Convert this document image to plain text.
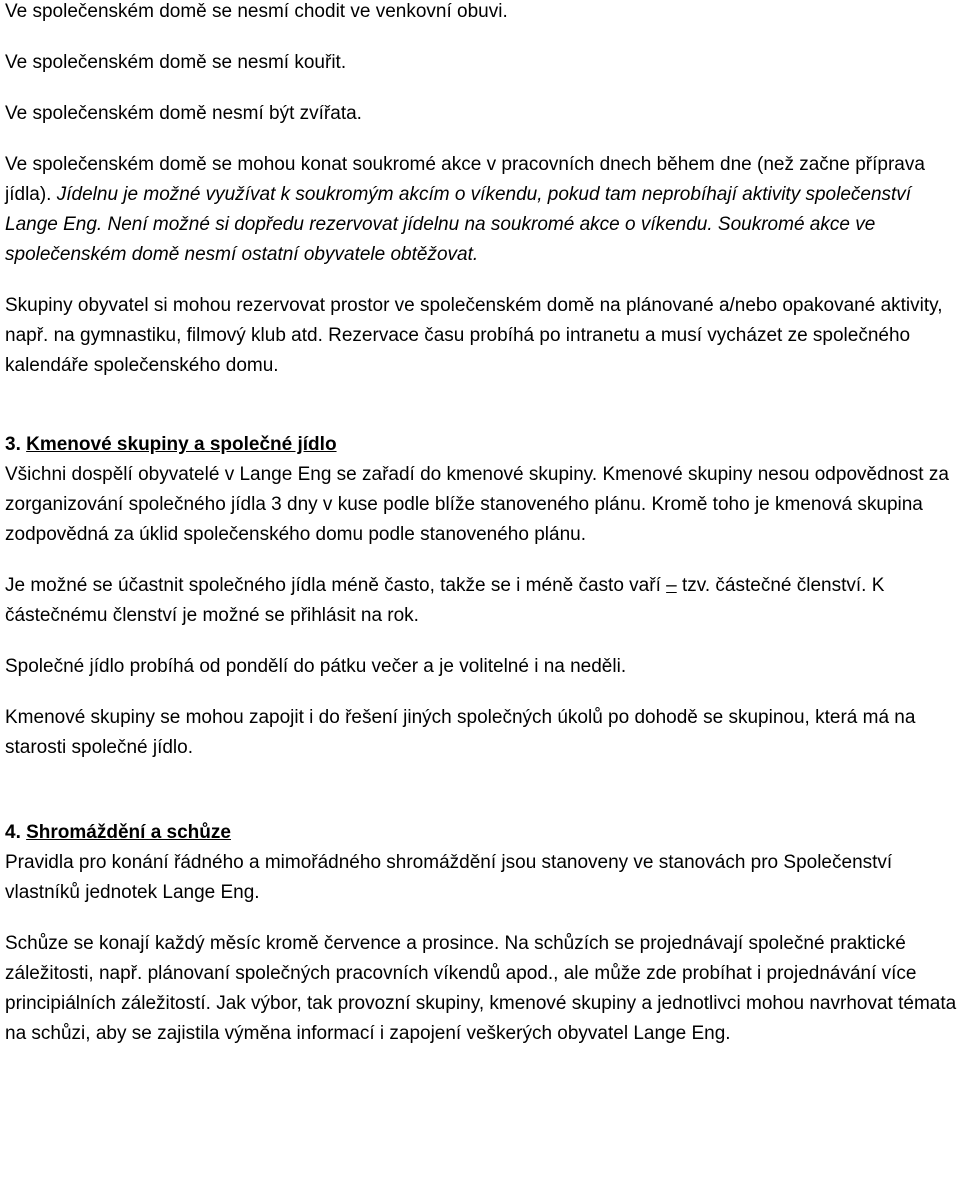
Ve společenském domě se nesmí chodit ve venkovní obuvi.

Ve společenském domě se nesmí kouřit.

Ve společenském domě nesmí být zvířata.

Ve společenském domě se mohou konat soukromé akce v pracovních dnech během dne (než začne příprava jídla). Jídelnu je možné využívat k soukromým akcím o víkendu, pokud tam neprobíhají aktivity společenství Lange Eng. Není možné si dopředu rezervovat jídelnu na soukromé akce o víkendu. Soukromé akce ve společenském domě nesmí ostatní obyvatele obtěžovat.

Skupiny obyvatel si mohou rezervovat prostor ve společenském domě na plánované a/nebo opakované aktivity, např. na gymnastiku, filmový klub atd. Rezervace času probíhá po intranetu a musí vycházet ze společného kalendáře společenského domu.

3. Kmenové skupiny a společné jídlo

Všichni dospělí obyvatelé v Lange Eng se zařadí do kmenové skupiny. Kmenové skupiny nesou odpovědnost za zorganizování společného jídla 3 dny v kuse podle blíže stanoveného plánu. Kromě toho je kmenová skupina zodpovědná za úklid společenského domu podle stanoveného plánu.

Je možné se účastnit společného jídla méně často, takže se i méně často vaří – tzv. částečné členství. K částečnému členství je možné se přihlásit na rok.

Společné jídlo probíhá od pondělí do pátku večer a je volitelné i na neděli.

Kmenové skupiny se mohou zapojit i do řešení jiných společných úkolů po dohodě se skupinou, která má na starosti společné jídlo.

4. Shromáždění a schůze

Pravidla pro konání řádného a mimořádného shromáždění jsou stanoveny ve stanovách pro Společenství vlastníků jednotek Lange Eng.

Schůze se konají každý měsíc kromě července a prosince. Na schůzích se projednávají společné praktické záležitosti, např. plánovaní společných pracovních víkendů apod., ale může zde probíhat i projednávání více principiálních záležitostí. Jak výbor, tak provozní skupiny, kmenové skupiny a jednotlivci mohou navrhovat témata na schůzi, aby se zajistila výměna informací i zapojení veškerých obyvatel Lange Eng.
